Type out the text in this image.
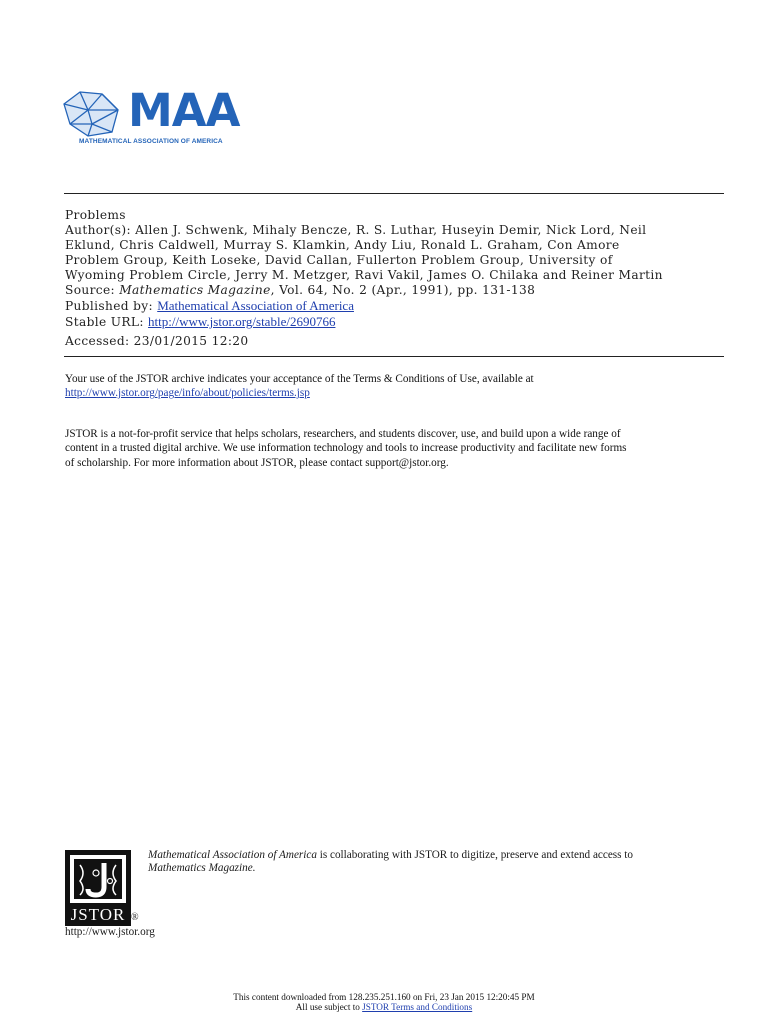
MAA
MATHEMATICAL ASSOCIATION OF AMERICA
Problems
Author(s): Allen J. Schwenk, Mihaly Bencze, R. S. Luthar, Huseyin Demir, Nick Lord, Neil
Eklund, Chris Caldwell, Murray S. Klamkin, Andy Liu, Ronald L. Graham, Con Amore
Problem Group, Keith Loseke, David Callan, Fullerton Problem Group, University of
Wyoming Problem Circle, Jerry M. Metzger, Ravi Vakil, James O. Chilaka and Reiner Martin
Source: Mathematics Magazine, Vol. 64, No. 2 (Apr., 1991), pp. 131-138
Published by: Mathematical Association of America
Stable URL: http://www.jstor.org/stable/2690766
Accessed: 23/01/2015 12:20
Your use of the JSTOR archive indicates your acceptance of the Terms & Conditions of Use, available at
http://www.jstor.org/page/info/about/policies/terms.jsp
JSTOR is a not-for-profit service that helps scholars, researchers, and students discover, use, and build upon a wide range of
content in a trusted digital archive. We use information technology and tools to increase productivity and facilitate new forms
of scholarship. For more information about JSTOR, please contact support@jstor.org.
JSTOR ®
http://www.jstor.org
Mathematical Association of America is collaborating with JSTOR to digitize, preserve and extend access to
Mathematics Magazine.
This content downloaded from 128.235.251.160 on Fri, 23 Jan 2015 12:20:45 PM
All use subject to JSTOR Terms and Conditions
